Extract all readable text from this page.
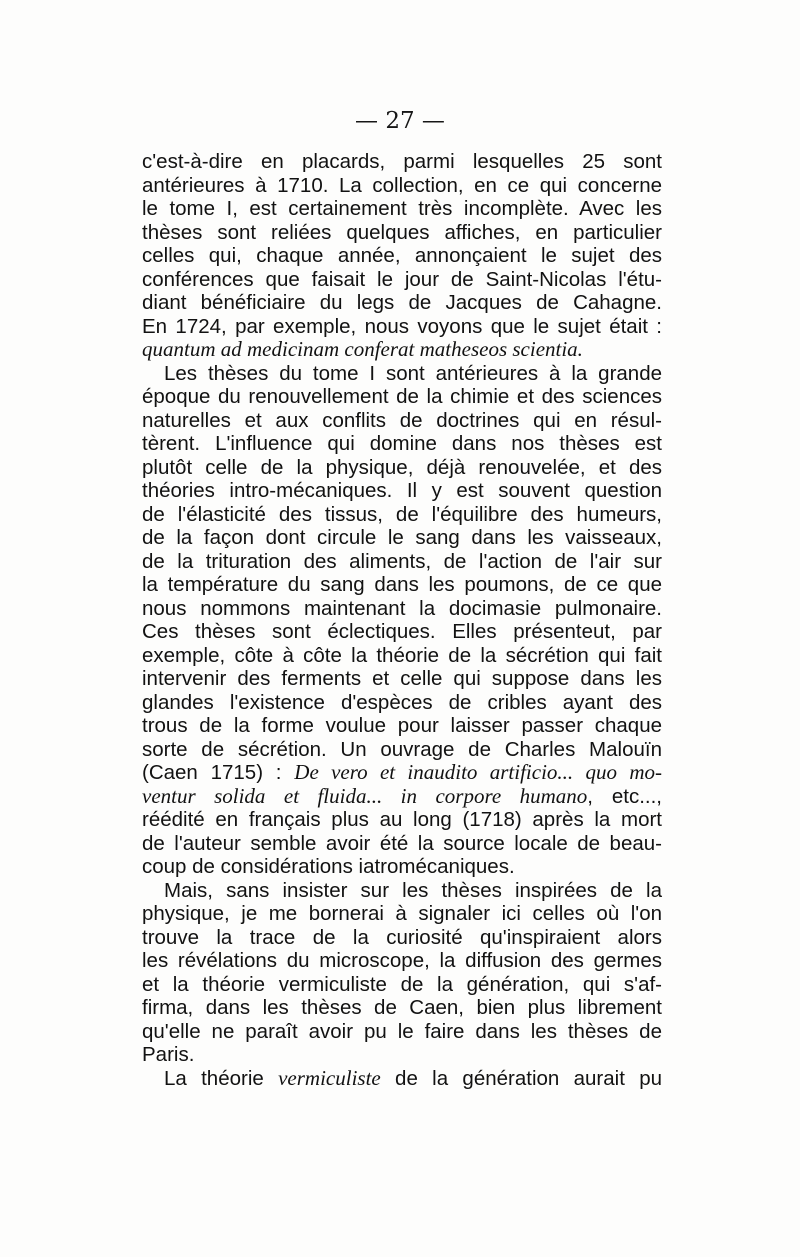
— 27 —
c'est-à-dire en placards, parmi lesquelles 25 sont
antérieures à 1710. La collection, en ce qui concerne
le tome I, est certainement très incomplète. Avec les
thèses sont reliées quelques affiches, en particulier
celles qui, chaque année, annonçaient le sujet des
conférences que faisait le jour de Saint-Nicolas l'étu-
diant bénéficiaire du legs de Jacques de Cahagne.
En 1724, par exemple, nous voyons que le sujet était :
quantum ad medicinam conferat matheseos scientia.
Les thèses du tome I sont antérieures à la grande
époque du renouvellement de la chimie et des sciences
naturelles et aux conflits de doctrines qui en résul-
tèrent. L'influence qui domine dans nos thèses est
plutôt celle de la physique, déjà renouvelée, et des
théories intro-mécaniques. Il y est souvent question
de l'élasticité des tissus, de l'équilibre des humeurs,
de la façon dont circule le sang dans les vaisseaux,
de la trituration des aliments, de l'action de l'air sur
la température du sang dans les poumons, de ce que
nous nommons maintenant la docimasie pulmonaire.
Ces thèses sont éclectiques. Elles présenteut, par
exemple, côte à côte la théorie de la sécrétion qui fait
intervenir des ferments et celle qui suppose dans les
glandes l'existence d'espèces de cribles ayant des
trous de la forme voulue pour laisser passer chaque
sorte de sécrétion. Un ouvrage de Charles Malouïn
(Caen 1715) : De vero et inaudito artificio... quo mo-
ventur solida et fluida... in corpore humano, etc...,
réédité en français plus au long (1718) après la mort
de l'auteur semble avoir été la source locale de beau-
coup de considérations iatromécaniques.
Mais, sans insister sur les thèses inspirées de la
physique, je me bornerai à signaler ici celles où l'on
trouve la trace de la curiosité qu'inspiraient alors
les révélations du microscope, la diffusion des germes
et la théorie vermiculiste de la génération, qui s'af-
firma, dans les thèses de Caen, bien plus librement
qu'elle ne paraît avoir pu le faire dans les thèses de
Paris.
La théorie vermiculiste de la génération aurait pu
